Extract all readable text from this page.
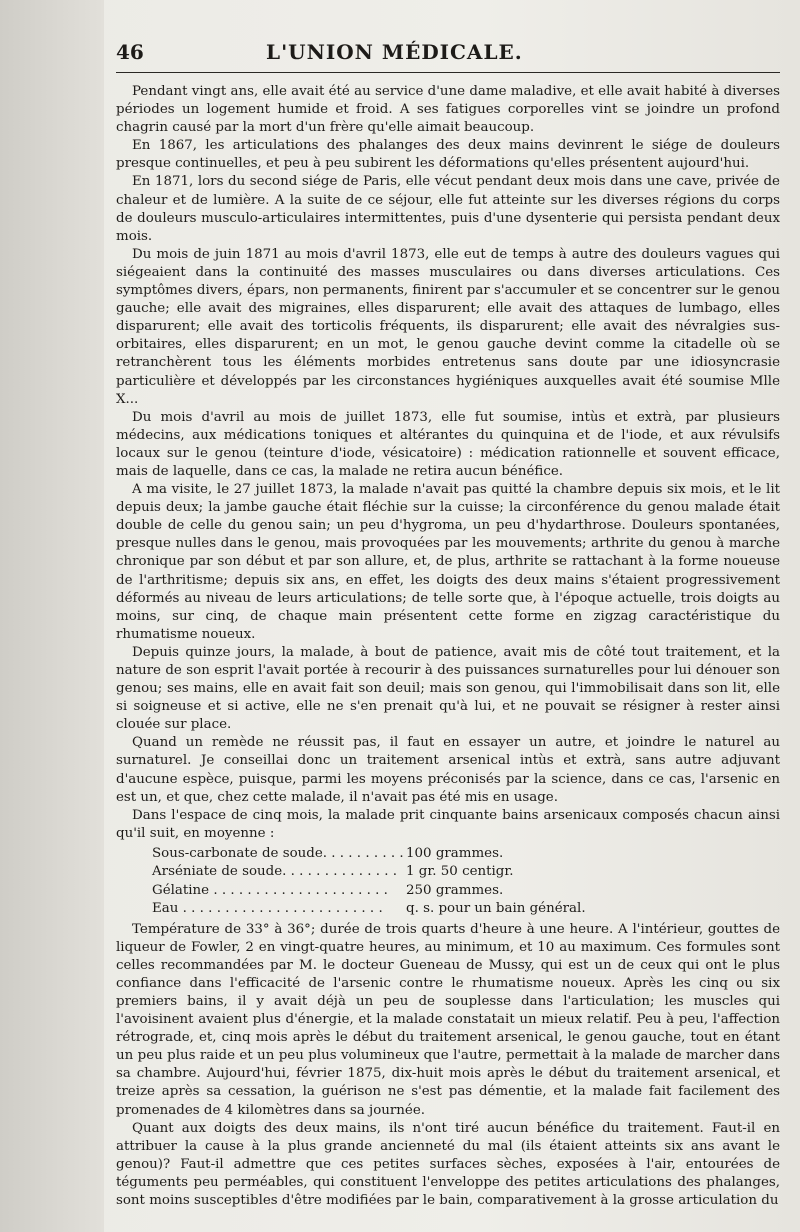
46	L'UNION MÉDICALE.

Pendant vingt ans, elle avait été au service d'une dame maladive, et elle avait habité à diverses périodes un logement humide et froid. A ses fatigues corporelles vint se joindre un profond chagrin causé par la mort d'un frère qu'elle aimait beaucoup.

En 1867, les articulations des phalanges des deux mains devinrent le siége de douleurs presque continuelles, et peu à peu subirent les déformations qu'elles présentent aujourd'hui.

En 1871, lors du second siége de Paris, elle vécut pendant deux mois dans une cave, privée de chaleur et de lumière. A la suite de ce séjour, elle fut atteinte sur les diverses régions du corps de douleurs musculo-articulaires intermittentes, puis d'une dysenterie qui persista pendant deux mois.

Du mois de juin 1871 au mois d'avril 1873, elle eut de temps à autre des douleurs vagues qui siégeaient dans la continuité des masses musculaires ou dans diverses articulations. Ces symptômes divers, épars, non permanents, finirent par s'accumuler et se concentrer sur le genou gauche; elle avait des migraines, elles disparurent; elle avait des attaques de lumbago, elles disparurent; elle avait des torticolis fréquents, ils disparurent; elle avait des névralgies sus-orbitaires, elles disparurent; en un mot, le genou gauche devint comme la citadelle où se retranchèrent tous les éléments morbides entretenus sans doute par une idiosyncrasie particulière et développés par les circonstances hygiéniques auxquelles avait été soumise Mlle X...

Du mois d'avril au mois de juillet 1873, elle fut soumise, intùs et extrà, par plusieurs médecins, aux médications toniques et altérantes du quinquina et de l'iode, et aux révulsifs locaux sur le genou (teinture d'iode, vésicatoire) : médication rationnelle et souvent efficace, mais de laquelle, dans ce cas, la malade ne retira aucun bénéfice.

A ma visite, le 27 juillet 1873, la malade n'avait pas quitté la chambre depuis six mois, et le lit depuis deux; la jambe gauche était fléchie sur la cuisse; la circonférence du genou malade était double de celle du genou sain; un peu d'hygroma, un peu d'hydarthrose. Douleurs spontanées, presque nulles dans le genou, mais provoquées par les mouvements; arthrite du genou à marche chronique par son début et par son allure, et, de plus, arthrite se rattachant à la forme noueuse de l'arthritisme; depuis six ans, en effet, les doigts des deux mains s'étaient progressivement déformés au niveau de leurs articulations; de telle sorte que, à l'époque actuelle, trois doigts au moins, sur cinq, de chaque main présentent cette forme en zigzag caractéristique du rhumatisme noueux.

Depuis quinze jours, la malade, à bout de patience, avait mis de côté tout traitement, et la nature de son esprit l'avait portée à recourir à des puissances surnaturelles pour lui dénouer son genou; ses mains, elle en avait fait son deuil; mais son genou, qui l'immobilisait dans son lit, elle si soigneuse et si active, elle ne s'en prenait qu'à lui, et ne pouvait se résigner à rester ainsi clouée sur place.

Quand un remède ne réussit pas, il faut en essayer un autre, et joindre le naturel au surnaturel. Je conseillai donc un traitement arsenical intùs et extrà, sans autre adjuvant d'aucune espèce, puisque, parmi les moyens préconisés par la science, dans ce cas, l'arsenic en est un, et que, chez cette malade, il n'avait pas été mis en usage.

Dans l'espace de cinq mois, la malade prit cinquante bains arsenicaux composés chacun ainsi qu'il suit, en moyenne :

Sous-carbonate de soude. . . . . . . . . . 100 grammes.
Arséniate de soude. . . . . . . . . . . . . . 1 gr. 50 centigr.
Gélatine . . . . . . . . . . . . . . . . . . . . .	250 grammes.
Eau . . . . . . . . . . . . . . . . . . . . . . . .	q. s. pour un bain général.

Température de 33° à 36°; durée de trois quarts d'heure à une heure. A l'intérieur, gouttes de liqueur de Fowler, 2 en vingt-quatre heures, au minimum, et 10 au maximum. Ces formules sont celles recommandées par M. le docteur Gueneau de Mussy, qui est un de ceux qui ont le plus confiance dans l'efficacité de l'arsenic contre le rhumatisme noueux. Après les cinq ou six premiers bains, il y avait déjà un peu de souplesse dans l'articulation; les muscles qui l'avoisinent avaient plus d'énergie, et la malade constatait un mieux relatif. Peu à peu, l'affection rétrograde, et, cinq mois après le début du traitement arsenical, le genou gauche, tout en étant un peu plus raide et un peu plus volumineux que l'autre, permettait à la malade de marcher dans sa chambre. Aujourd'hui, février 1875, dix-huit mois après le début du traitement arsenical, et treize après sa cessation, la guérison ne s'est pas démentie, et la malade fait facilement des promenades de 4 kilomètres dans sa journée.

Quant aux doigts des deux mains, ils n'ont tiré aucun bénéfice du traitement. Faut-il en attribuer la cause à la plus grande ancienneté du mal (ils étaient atteints six ans avant le genou)? Faut-il admettre que ces petites surfaces sèches, exposées à l'air, entourées de téguments peu perméables, qui constituent l'enveloppe des petites articulations des phalanges, sont moins susceptibles d'être modifiées par le bain, comparativement à la grosse articulation du
